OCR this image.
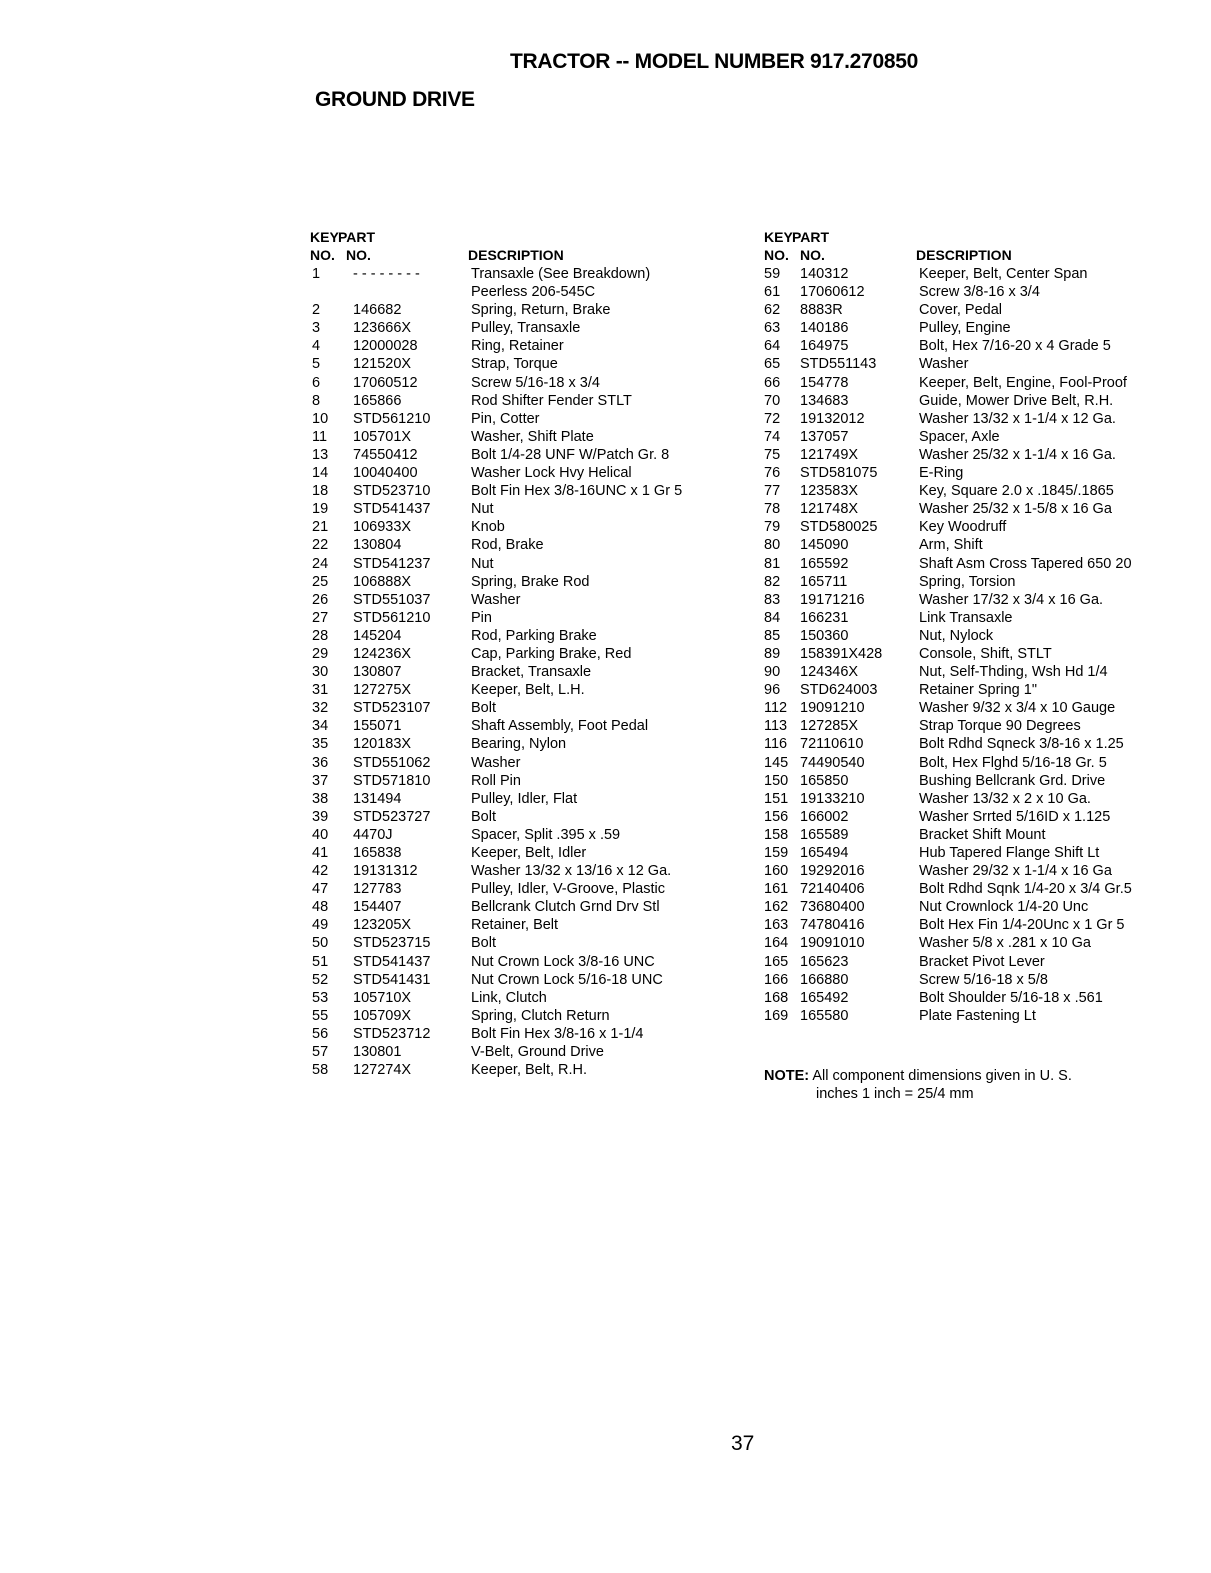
TRACTOR -- MODEL NUMBER 917.270850
GROUND DRIVE
KEY
NO.
PART
NO.	DESCRIPTION
1	- - - - - - - -	Transaxle (See Breakdown)
Peerless 206-545C
2	146682	Spring, Return, Brake
3	123666X	Pulley, Transaxle
4	12000028	Ring, Retainer
5	121520X	Strap, Torque
6	17060512	Screw 5/16-18 x 3/4
8	165866	Rod Shifter Fender STLT
10	STD561210	Pin, Cotter
11	105701X	Washer, Shift Plate
13	74550412	Bolt 1/4-28 UNF W/Patch Gr. 8
14	10040400	Washer Lock Hvy Helical
18	STD523710	Bolt Fin Hex 3/8-16UNC x 1 Gr 5
19	STD541437	Nut
21	106933X	Knob
22	130804	Rod, Brake
24	STD541237	Nut
25	106888X	Spring, Brake Rod
26	STD551037	Washer
27	STD561210	Pin
28	145204	Rod, Parking Brake
29	124236X	Cap, Parking Brake, Red
30	130807	Bracket, Transaxle
31	127275X	Keeper, Belt, L.H.
32	STD523107	Bolt
34	155071	Shaft Assembly, Foot Pedal
35	120183X	Bearing, Nylon
36	STD551062	Washer
37	STD571810	Roll Pin
38	131494	Pulley, Idler, Flat
39	STD523727	Bolt
40	4470J	Spacer, Split .395 x .59
41	165838	Keeper, Belt, Idler
42	19131312	Washer 13/32 x 13/16 x 12 Ga.
47	127783	Pulley, Idler, V-Groove, Plastic
48	154407	Bellcrank Clutch Grnd Drv Stl
49	123205X	Retainer, Belt
50	STD523715	Bolt
51	STD541437	Nut Crown Lock 3/8-16 UNC
52	STD541431	Nut Crown Lock 5/16-18 UNC
53	105710X	Link, Clutch
55	105709X	Spring, Clutch Return
56	STD523712	Bolt Fin Hex 3/8-16 x 1-1/4
57	130801	V-Belt, Ground Drive
58	127274X	Keeper, Belt, R.H.
KEY
NO.
PART
NO.	DESCRIPTION
59	140312	Keeper, Belt, Center Span
61	17060612	Screw 3/8-16 x 3/4
62	8883R	Cover, Pedal
63	140186	Pulley, Engine
64	164975	Bolt, Hex 7/16-20 x 4 Grade 5
65	STD551143	Washer
66	154778	Keeper, Belt, Engine, Fool-Proof
70	134683	Guide, Mower Drive Belt, R.H.
72	19132012	Washer 13/32 x 1-1/4 x 12 Ga.
74	137057	Spacer, Axle
75	121749X	Washer 25/32 x 1-1/4 x 16 Ga.
76	STD581075	E-Ring
77	123583X	Key, Square 2.0 x .1845/.1865
78	121748X	Washer 25/32 x 1-5/8 x 16 Ga
79	STD580025	Key Woodruff
80	145090	Arm, Shift
81	165592	Shaft Asm Cross Tapered 650 20
82	165711	Spring, Torsion
83	19171216	Washer 17/32 x 3/4 x 16 Ga.
84	166231	Link Transaxle
85	150360	Nut, Nylock
89	158391X428	Console, Shift, STLT
90	124346X	Nut, Self-Thding, Wsh Hd 1/4
96	STD624003	Retainer Spring 1"
112 19091210	Washer 9/32 x 3/4 x 10 Gauge
113 127285X	Strap Torque 90 Degrees
116 72110610	Bolt Rdhd Sqneck 3/8-16 x 1.25
145 74490540	Bolt, Hex Flghd 5/16-18 Gr. 5
150 165850	Bushing Bellcrank Grd. Drive
151 19133210	Washer 13/32 x 2 x 10 Ga.
156 166002	Washer Srrted 5/16ID x 1.125
158 165589	Bracket Shift Mount
159 165494	Hub Tapered Flange Shift Lt
160 19292016	Washer 29/32 x 1-1/4 x 16 Ga
161 72140406	Bolt Rdhd Sqnk 1/4-20 x 3/4 Gr.5
162 73680400	Nut Crownlock 1/4-20 Unc
163 74780416	Bolt Hex Fin 1/4-20Unc x 1 Gr 5
164 19091010	Washer 5/8 x .281 x 10 Ga
165 165623	Bracket Pivot Lever
166 166880	Screw 5/16-18 x 5/8
168 165492	Bolt Shoulder 5/16-18 x .561
169 165580	Plate Fastening Lt
NOTE: All component dimensions given in U. S.
inches 1 inch = 25/4 mm
37
